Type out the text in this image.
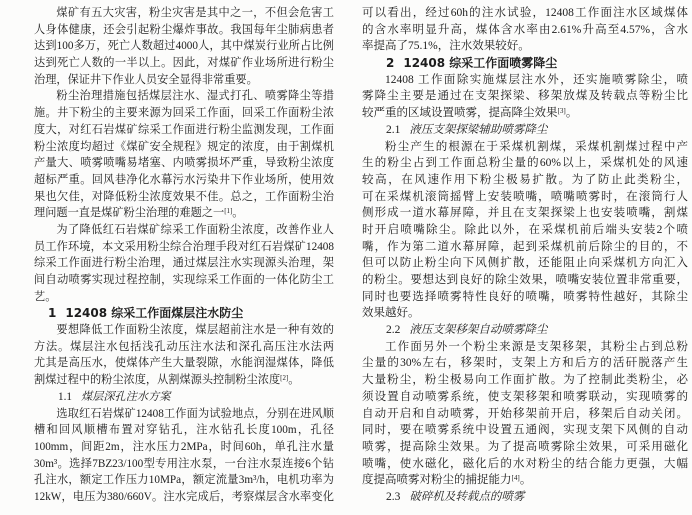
煤矿有五大灾害，粉尘灾害是其中之一，不但会危害工
人身体健康，还会引起粉尘爆炸事故。我国每年尘肺病患者
达到100多万，死亡人数超过4000人，其中煤炭行业所占比例
达到死亡人数的一半以上。因此，对煤矿作业场所进行粉尘
治理，保证井下作业人员安全显得非常重要。
粉尘治理措施包括煤层注水、湿式打孔、喷雾降尘等措
施。井下粉尘的主要来源为回采工作面，回采工作面粉尘浓
度大，对红石岩煤矿综采工作面进行粉尘监测发现，工作面
粉尘浓度均超过《煤矿安全规程》规定的浓度，由于割煤机
产量大、喷雾喷嘴易堵塞、内喷雾损坏严重，导致粉尘浓度
超标严重。回风巷净化水幕污水污染井下作业场所，使用效
果也欠佳，对降低粉尘浓度效果不佳。总之，工作面粉尘治
理问题一直是煤矿粉尘治理的难题之一[1]。
为了降低红石岩煤矿综采工作面粉尘浓度，改善作业人
员工作环境，本文采用粉尘综合治理手段对红石岩煤矿12408
综采工作面进行粉尘治理，通过煤层注水实现源头治理，架
间自动喷雾实现过程控制，实现综采工作面的一体化防尘工
艺。
1 12408 综采工作面煤层注水防尘
要想降低工作面粉尘浓度，煤层超前注水是一种有效的
方法。煤层注水包括浅孔动压注水法和深孔高压注水法两
尤其是高压水，使煤体产生大量裂隙，水能润湿煤体，降低
割煤过程中的粉尘浓度，从割煤源头控制粉尘浓度[2]。
1.1 煤层深孔注水方案
选取红石岩煤矿12408工作面为试验地点，分别在进风顺
槽和回风顺槽布置对穿钻孔，注水钻孔长度100m，孔径
100mm，间距2m，注水压力2MPa，时间60h，单孔注水量
30m³。选择7BZ23/100型专用注水泵，一台注水泵连接6个钻
孔注水，额定工作压力10MPa，额定流量3m³/h，电机功率为
12kW，电压为380/660V。注水完成后，考察煤层含水率变化
可以看出，经过60h的注水试验，12408工作面注水区域煤体
的含水率明显升高，煤体含水率由2.61%升高至4.57%，含水
率提高了75.1%，注水效果较好。
2 12408 综采工作面喷雾降尘
12408 工作面除实施煤层注水外，还实施喷雾除尘，喷
雾降尘主要是通过在支架探梁、移架放煤及转载点等粉尘比
较严重的区域设置喷雾，提高降尘效果[3]。
2.1 液压支架探梁辅助喷雾降尘
粉尘产生的根源在于采煤机割煤，采煤机割煤过程中产
生的粉尘占到工作面总粉尘量的60%以上，采煤机处的风速
较高，在风速作用下粉尘极易扩散。为了防止此类粉尘，
可在采煤机滚筒摇臂上安装喷嘴，喷嘴喷雾时，在滚筒行人
侧形成一道水幕屏障，并且在支架探梁上也安装喷嘴，割煤
时开启喷嘴除尘。除此以外，在采煤机前后端头安装2个喷
嘴，作为第二道水幕屏障，起到采煤机前后除尘的目的，不
但可以防止粉尘向下风侧扩散，还能阻止向采煤机方向汇入
的粉尘。要想达到良好的除尘效果，喷嘴安装位置非常重要，
同时也要选择喷雾特性良好的喷嘴，喷雾特性越好，其除尘
效果越好。
2.2 液压支架移架自动喷雾降尘
工作面另外一个粉尘来源是支架移架，其粉尘占到总粉
尘量的30%左右，移架时，支架上方和后方的活矸脱落产生
大量粉尘，粉尘极易向工作面扩散。为了控制此类粉尘，必
须设置自动喷雾系统，使支架移架和喷雾联动，实现喷雾的
自动开启和自动喷雾，开始移架前开启，移架后自动关闭。
同时，要在喷雾系统中设置五通阀，实现支架下风侧的自动
喷雾，提高除尘效果。为了提高喷雾除尘效果，可采用磁化
喷嘴，使水磁化，磁化后的水对粉尘的结合能力更强，大幅
度提高喷雾对粉尘的捕捉能力[4]。
2.3 破碎机及转载点的喷雾
